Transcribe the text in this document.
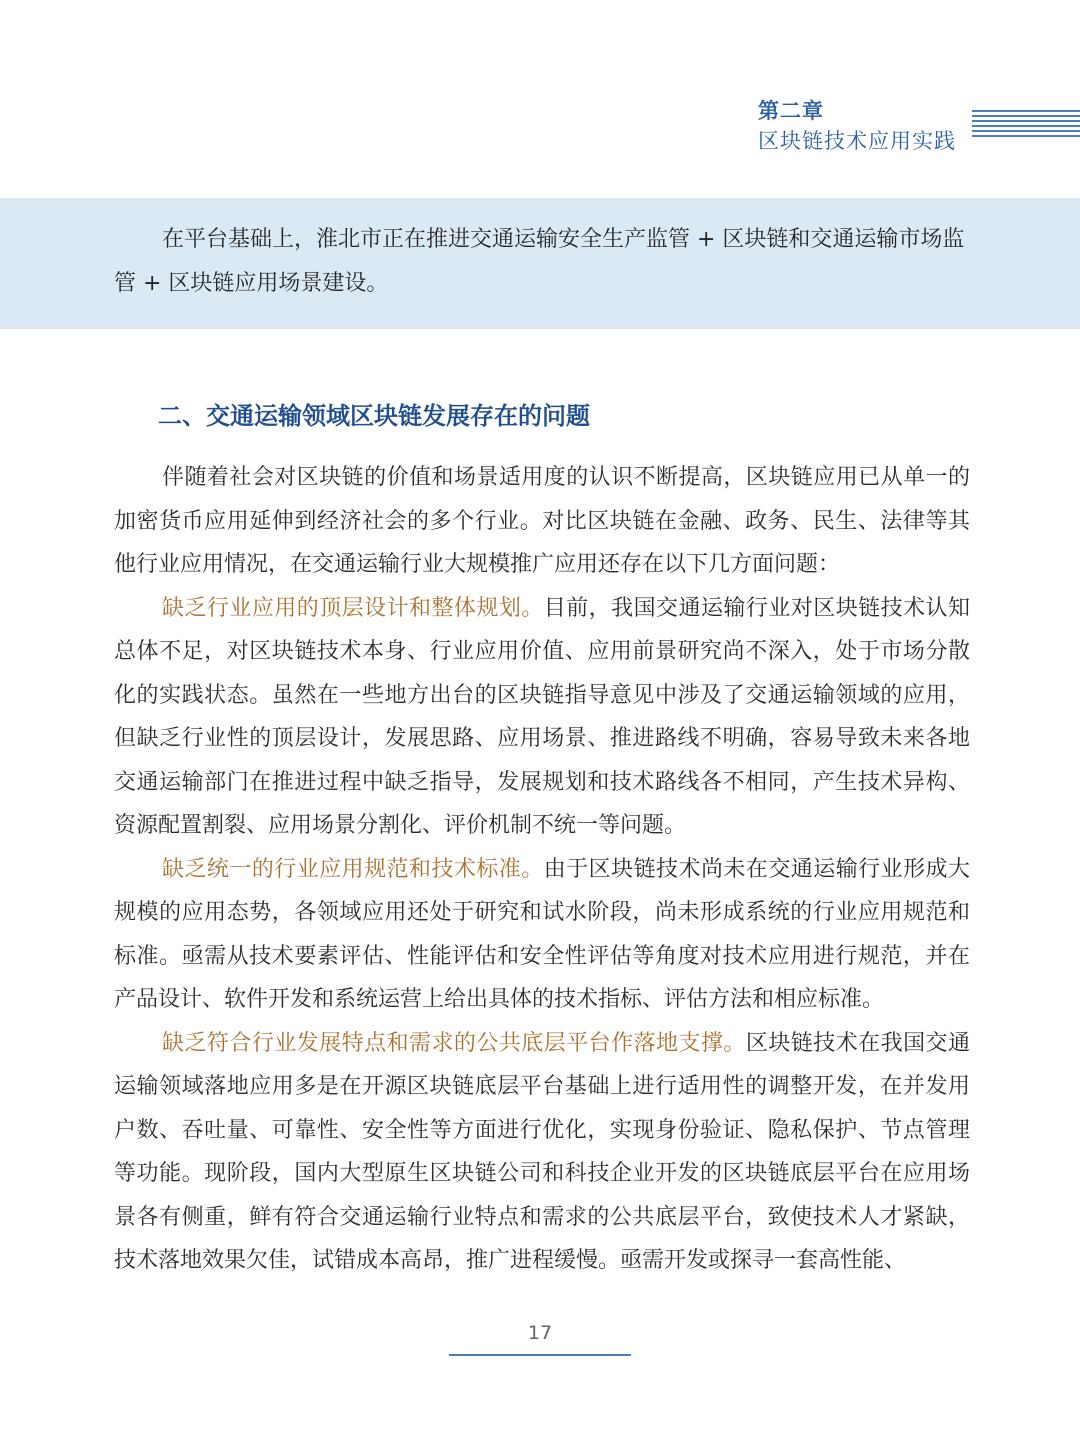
第二章
区块链技术应用实践

在平台基础上，淮北市正在推进交通运输安全生产监管 + 区块链和交通运输市场监管 + 区块链应用场景建设。

二、交通运输领域区块链发展存在的问题

伴随着社会对区块链的价值和场景适用度的认识不断提高，区块链应用已从单一的加密货币应用延伸到经济社会的多个行业。对比区块链在金融、政务、民生、法律等其他行业应用情况，在交通运输行业大规模推广应用还存在以下几方面问题：

缺乏行业应用的顶层设计和整体规划。目前，我国交通运输行业对区块链技术认知总体不足，对区块链技术本身、行业应用价值、应用前景研究尚不深入，处于市场分散化的实践状态。虽然在一些地方出台的区块链指导意见中涉及了交通运输领域的应用，但缺乏行业性的顶层设计，发展思路、应用场景、推进路线不明确，容易导致未来各地交通运输部门在推进过程中缺乏指导，发展规划和技术路线各不相同，产生技术异构、资源配置割裂、应用场景分割化、评价机制不统一等问题。

缺乏统一的行业应用规范和技术标准。由于区块链技术尚未在交通运输行业形成大规模的应用态势，各领域应用还处于研究和试水阶段，尚未形成系统的行业应用规范和标准。亟需从技术要素评估、性能评估和安全性评估等角度对技术应用进行规范，并在产品设计、软件开发和系统运营上给出具体的技术指标、评估方法和相应标准。

缺乏符合行业发展特点和需求的公共底层平台作落地支撑。区块链技术在我国交通运输领域落地应用多是在开源区块链底层平台基础上进行适用性的调整开发，在并发用户数、吞吐量、可靠性、安全性等方面进行优化，实现身份验证、隐私保护、节点管理等功能。现阶段，国内大型原生区块链公司和科技企业开发的区块链底层平台在应用场景各有侧重，鲜有符合交通运输行业特点和需求的公共底层平台，致使技术人才紧缺，技术落地效果欠佳，试错成本高昂，推广进程缓慢。亟需开发或探寻一套高性能、

17
